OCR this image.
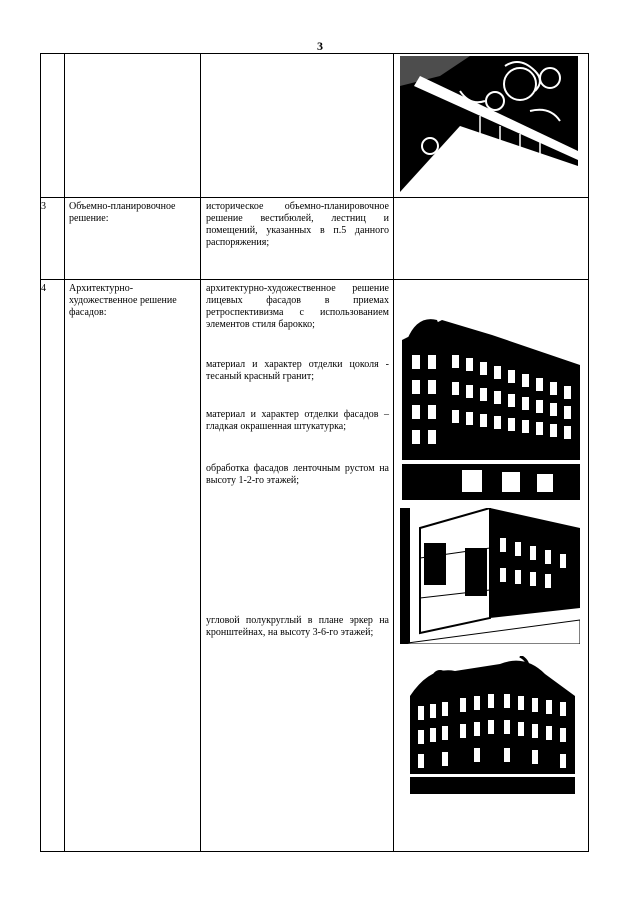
3

3	Объемно-планировочное решение:	историческое объемно-планировочное решение вестибюлей, лестниц и помещений, указанных в п.5 данного распоряжения;	

4	Архитектурно-художественное решение фасадов:	архитектурно-художественное решение лицевых фасадов в приемах ретроспективизма с использованием элементов стиля барокко;
материал и характер отделки цоколя - тесаный красный гранит;
материал и характер отделки фасадов – гладкая окрашенная штукатурка;
обработка фасадов ленточным рустом на высоту 1-2-го этажей;
угловой полукруглый в плане эркер на кронштейнах, на высоту 3-6-го этажей;
